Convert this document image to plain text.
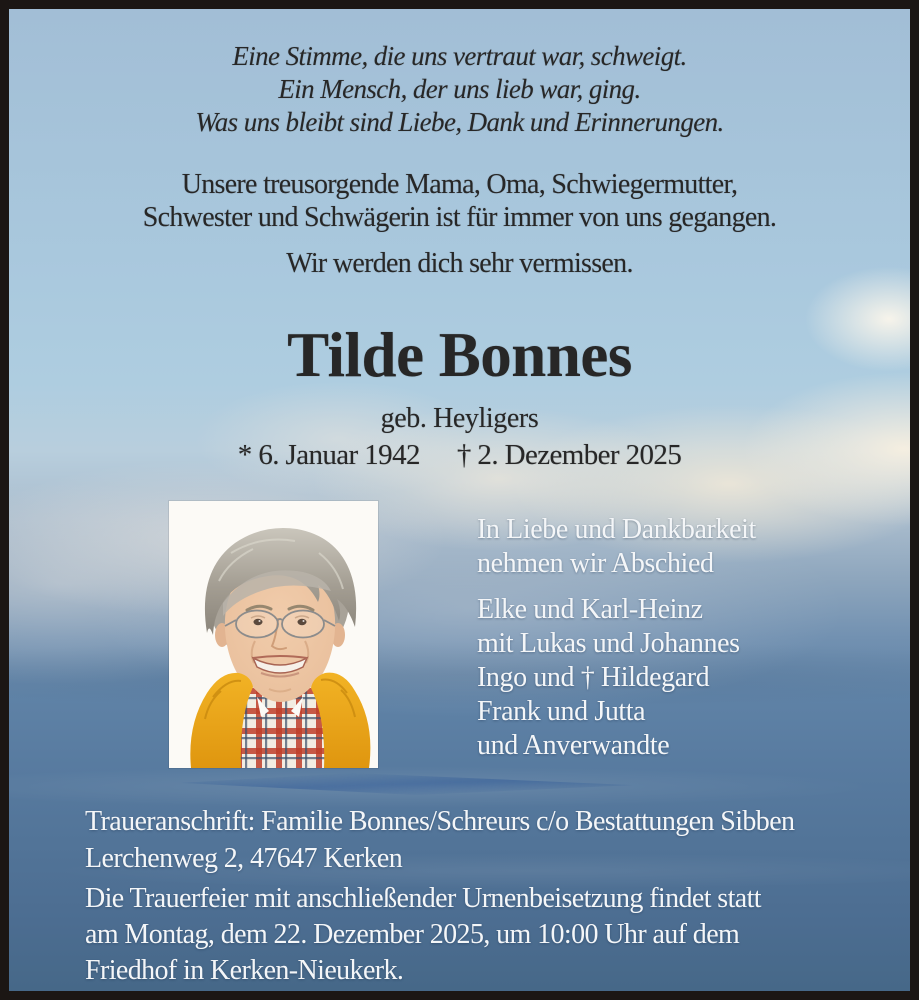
Eine Stimme, die uns vertraut war, schweigt.
Ein Mensch, der uns lieb war, ging.
Was uns bleibt sind Liebe, Dank und Erinnerungen.
Unsere treusorgende Mama, Oma, Schwiegermutter,
Schwester und Schwägerin ist für immer von uns gegangen.
Wir werden dich sehr vermissen.
Tilde Bonnes
geb. Heyligers
* 6. Januar 1942 † 2. Dezember 2025
In Liebe und Dankbarkeit
nehmen wir Abschied
Elke und Karl-Heinz
mit Lukas und Johannes
Ingo und † Hildegard
Frank und Jutta
und Anverwandte
Traueranschrift: Familie Bonnes/Schreurs c/o Bestattungen Sibben
Lerchenweg 2, 47647 Kerken
Die Trauerfeier mit anschließender Urnenbeisetzung findet statt
am Montag, dem 22. Dezember 2025, um 10:00 Uhr auf dem
Friedhof in Kerken-Nieukerk.
